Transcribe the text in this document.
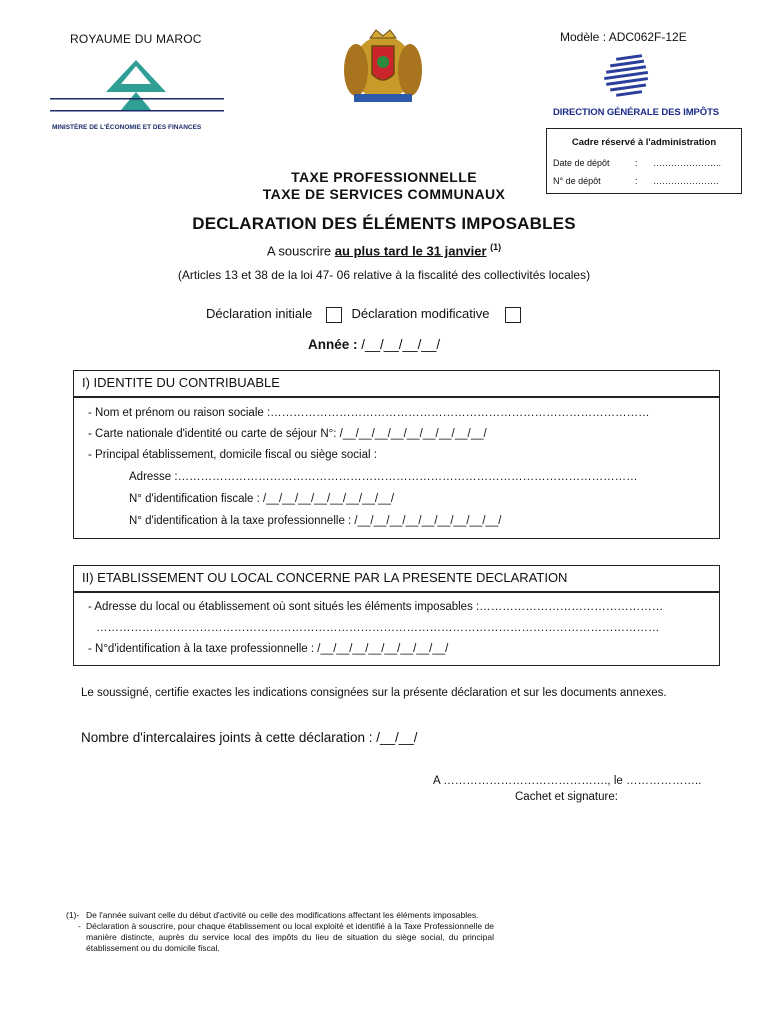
ROYAUME DU MAROC
MINISTÈRE DE L'ÉCONOMIE ET DES FINANCES
Modèle : ADC062F-12E
DIRECTION GÉNÉRALE DES IMPÔTS
Cadre réservé à l'administration
Date de dépôt	: …………………..
N° de dépôt	: ………………….
TAXE PROFESSIONNELLE
TAXE DE SERVICES COMMUNAUX
DECLARATION DES ÉLÉMENTS IMPOSABLES
A souscrire au plus tard le 31 janvier $^{(1)}$
(Articles 13 et 38 de la loi 47- 06 relative à la fiscalité des collectivités locales)
Déclaration initiale	Déclaration modificative
Année : /__/__/__/__/
I) IDENTITE DU CONTRIBUABLE
- Nom et prénom ou raison sociale :………………………………………………………………………………………
- Carte nationale d'identité ou carte de séjour N°: /__/__/__/__/__/__/__/__/__/
- Principal établissement, domicile fiscal ou siège social :
Adresse :…………………………………………………………………………………………………………
N° d'identification fiscale : /__/__/__/__/__/__/__/__/
N° d'identification à la taxe professionnelle : /__/__/__/__/__/__/__/__/__/
II) ETABLISSEMENT OU LOCAL CONCERNE PAR LA PRESENTE DECLARATION
- Adresse du local ou établissement où sont situés les éléments imposables :…………………………………………
…………………………………………………………………………………………………………………………………
- N°d'identification à la taxe professionnelle : /__/__/__/__/__/__/__/__/
Le soussigné, certifie exactes les indications consignées sur la présente déclaration et sur les documents annexes.
Nombre d'intercalaires joints à cette déclaration : /__/__/
A ……………………………………., le ………………..
Cachet et signature:
(1)- De l'année suivant celle du début d'activité ou celle des modifications affectant les éléments imposables.
- Déclaration à souscrire, pour chaque établissement ou local exploité et identifié à la Taxe Professionnelle de manière distincte, auprès du service local des impôts du lieu de situation du siège social, du principal établissement ou du domicile fiscal.
